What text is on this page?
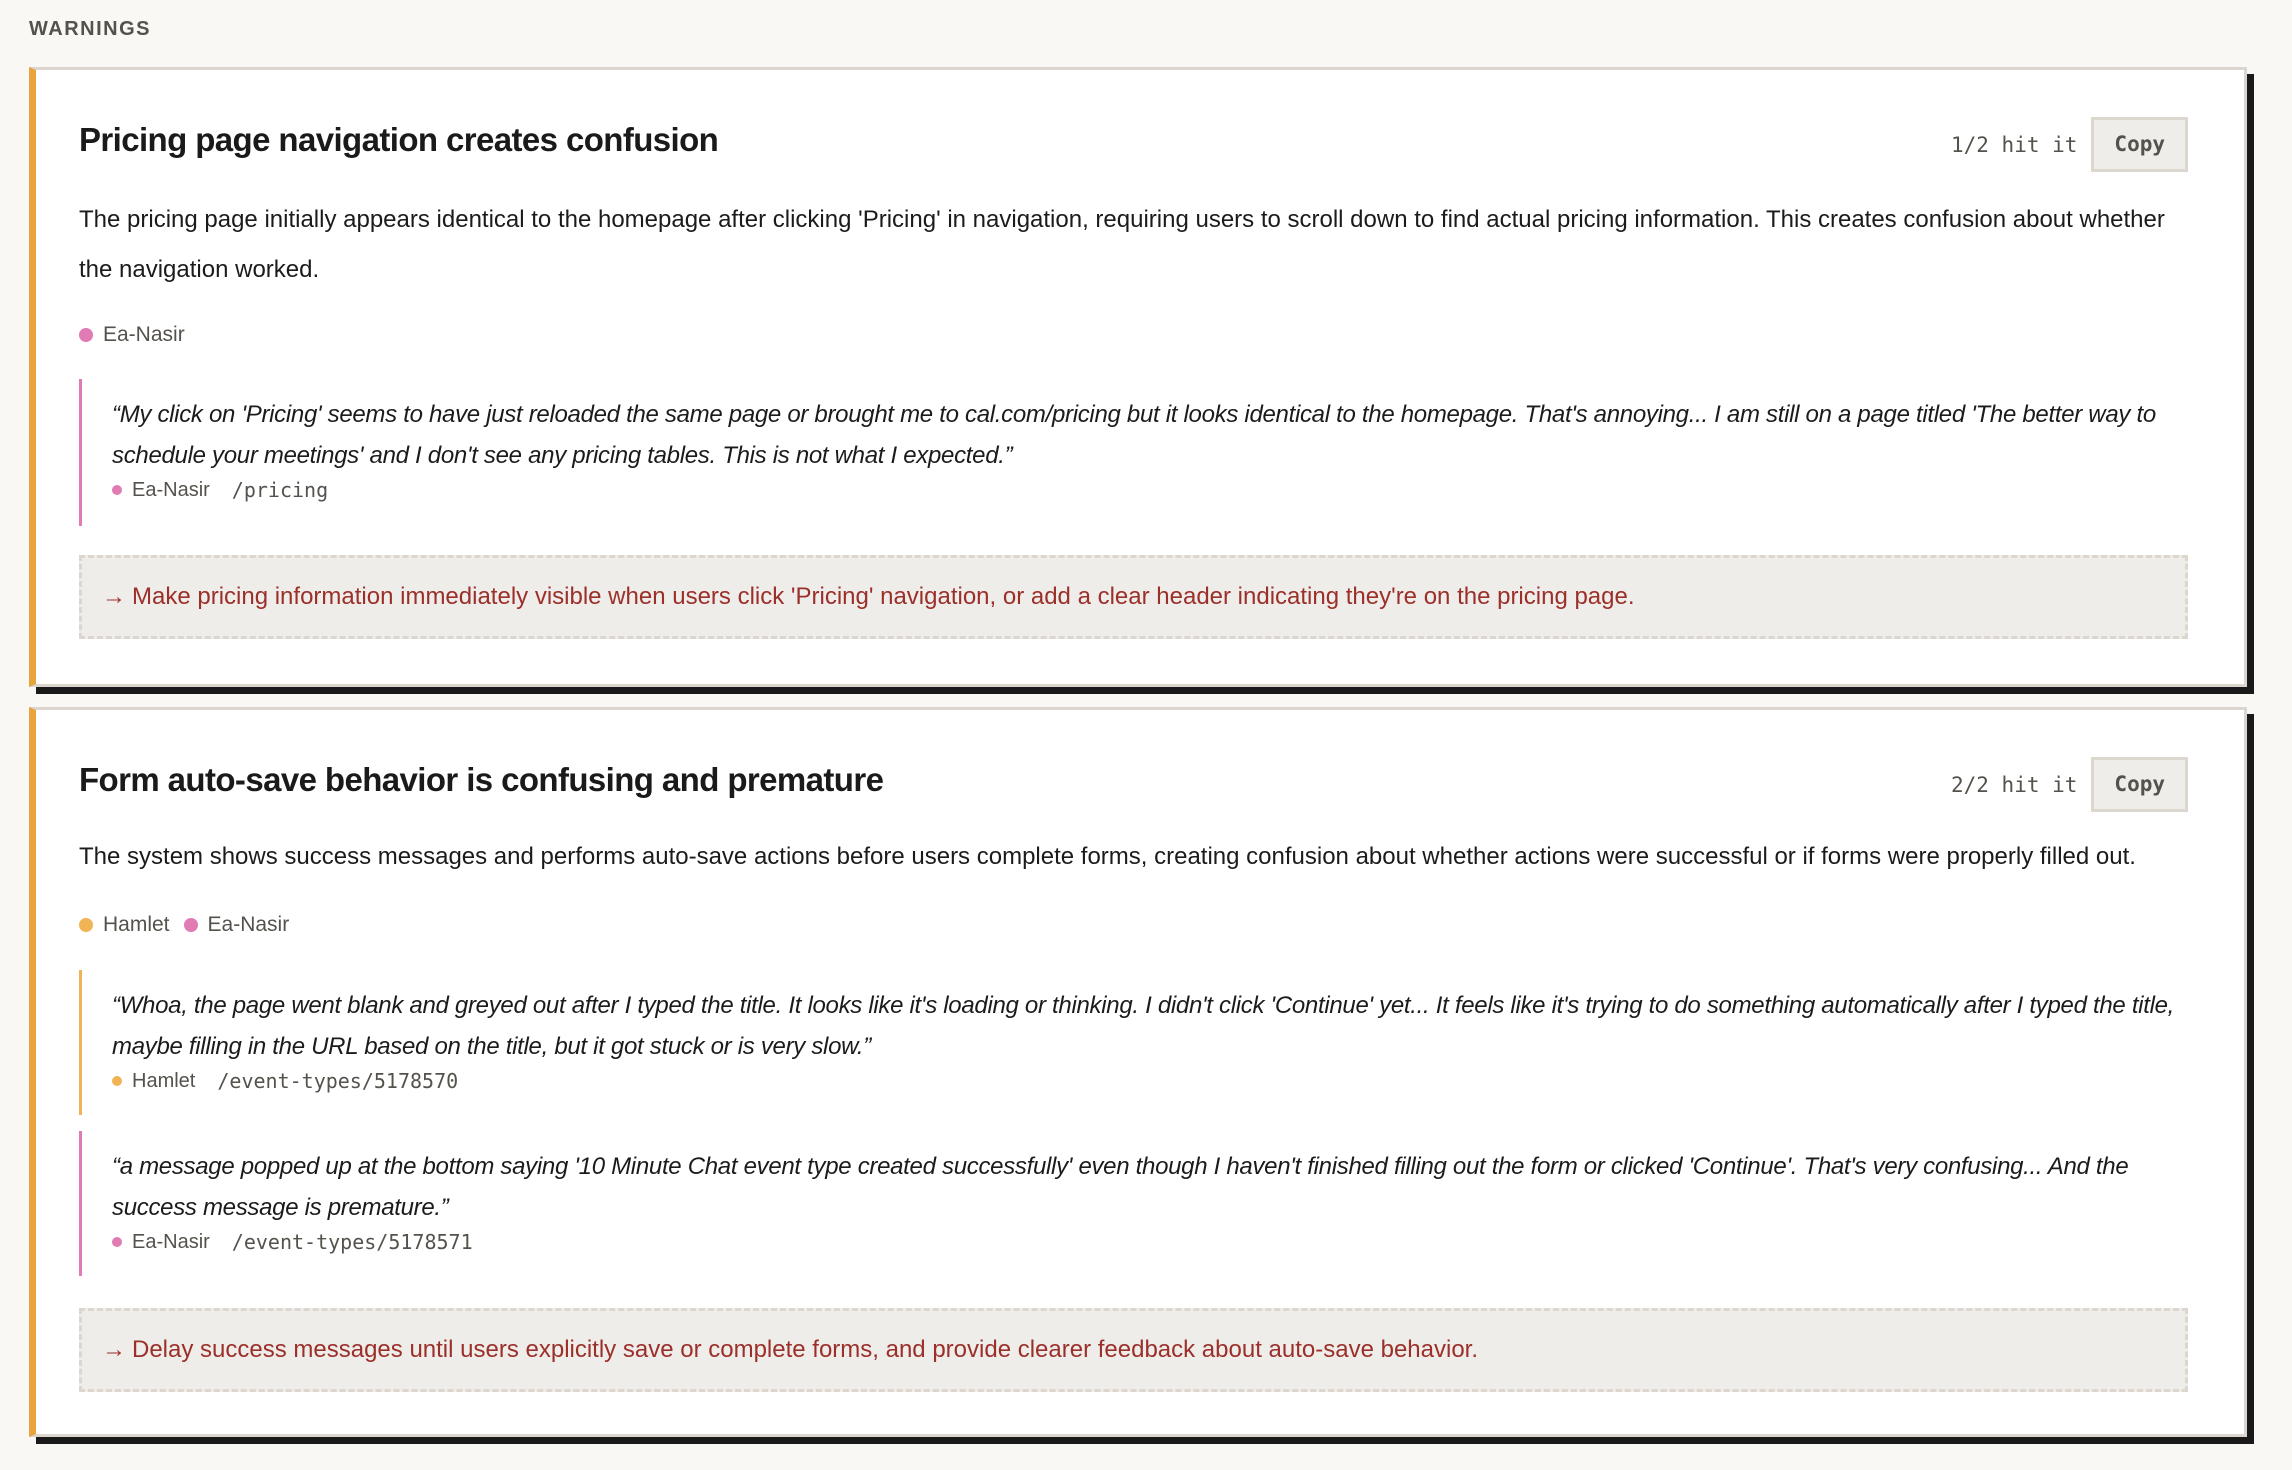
WARNINGS
Pricing page navigation creates confusion	1/2 hit it	Copy
The pricing page initially appears identical to the homepage after clicking 'Pricing' in navigation, requiring users to scroll down to find actual pricing information. This creates confusion about whether the navigation worked.
Ea-Nasir
“My click on 'Pricing' seems to have just reloaded the same page or brought me to cal.com/pricing but it looks identical to the homepage. That's annoying... I am still on a page titled 'The better way to schedule your meetings' and I don't see any pricing tables. This is not what I expected.”
Ea-Nasir /pricing
→ Make pricing information immediately visible when users click 'Pricing' navigation, or add a clear header indicating they're on the pricing page.
Form auto-save behavior is confusing and premature	2/2 hit it	Copy
The system shows success messages and performs auto-save actions before users complete forms, creating confusion about whether actions were successful or if forms were properly filled out.
Hamlet Ea-Nasir
“Whoa, the page went blank and greyed out after I typed the title. It looks like it's loading or thinking. I didn't click 'Continue' yet... It feels like it's trying to do something automatically after I typed the title, maybe filling in the URL based on the title, but it got stuck or is very slow.”
Hamlet /event-types/5178570
“a message popped up at the bottom saying '10 Minute Chat event type created successfully' even though I haven't finished filling out the form or clicked 'Continue'. That's very confusing... And the success message is premature.”
Ea-Nasir /event-types/5178571
→ Delay success messages until users explicitly save or complete forms, and provide clearer feedback about auto-save behavior.
